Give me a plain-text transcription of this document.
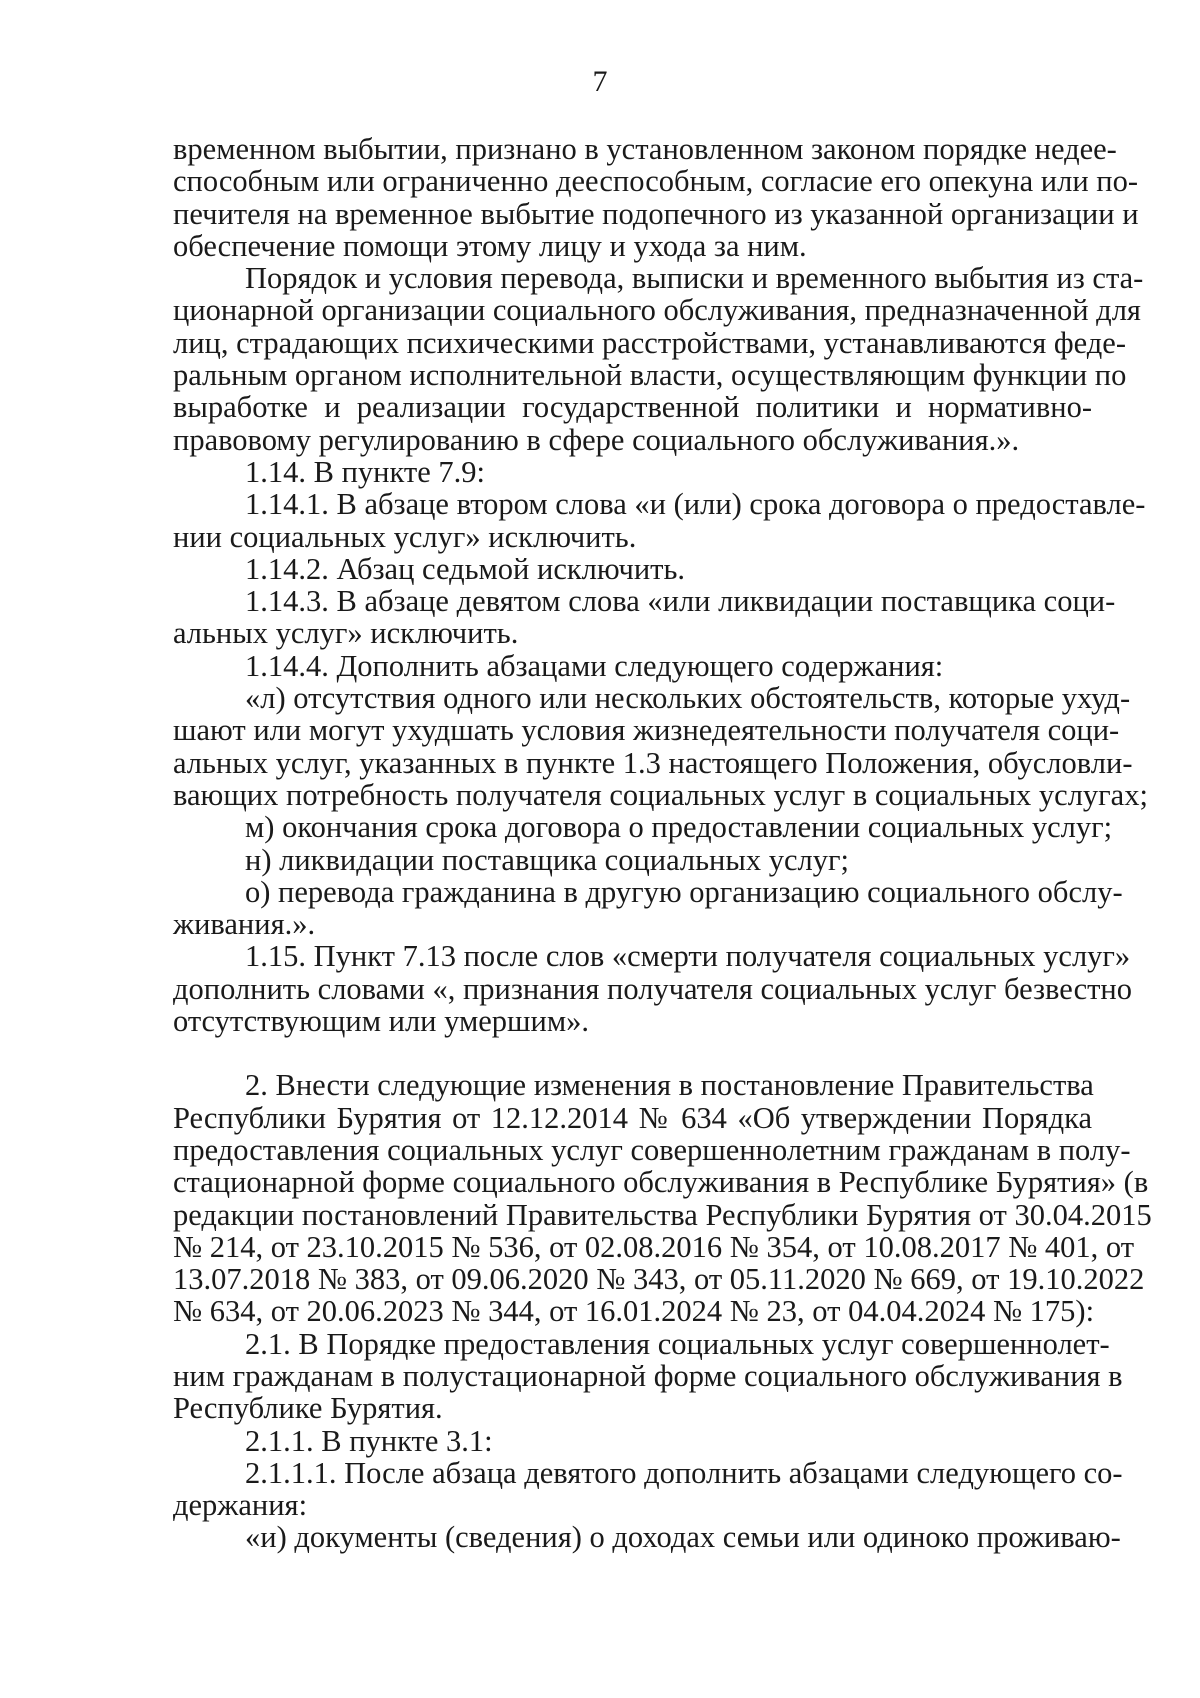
7
временном выбытии, признано в установленном законом порядке недее-
способным или ограниченно дееспособным, согласие его опекуна или по-
печителя на временное выбытие подопечного из указанной организации и
обеспечение помощи этому лицу и ухода за ним.
Порядок и условия перевода, выписки и временного выбытия из ста-
ционарной организации социального обслуживания, предназначенной для
лиц, страдающих психическими расстройствами, устанавливаются феде-
ральным органом исполнительной власти, осуществляющим функции по
выработке и реализации государственной политики и нормативно-
правовому регулированию в сфере социального обслуживания.».
1.14. В пункте 7.9:
1.14.1. В абзаце втором слова «и (или) срока договора о предоставле-
нии социальных услуг» исключить.
1.14.2. Абзац седьмой исключить.
1.14.3. В абзаце девятом слова «или ликвидации поставщика соци-
альных услуг» исключить.
1.14.4. Дополнить абзацами следующего содержания:
«л) отсутствия одного или нескольких обстоятельств, которые ухуд-
шают или могут ухудшать условия жизнедеятельности получателя соци-
альных услуг, указанных в пункте 1.3 настоящего Положения, обусловли-
вающих потребность получателя социальных услуг в социальных услугах;
м) окончания срока договора о предоставлении социальных услуг;
н) ликвидации поставщика социальных услуг;
о) перевода гражданина в другую организацию социального обслу-
живания.».
1.15. Пункт 7.13 после слов «смерти получателя социальных услуг»
дополнить словами «, признания получателя социальных услуг безвестно
отсутствующим или умершим».
2. Внести следующие изменения в постановление Правительства
Республики Бурятия от 12.12.2014 № 634 «Об утверждении Порядка
предоставления социальных услуг совершеннолетним гражданам в полу-
стационарной форме социального обслуживания в Республике Бурятия» (в
редакции постановлений Правительства Республики Бурятия от 30.04.2015
№ 214, от 23.10.2015 № 536, от 02.08.2016 № 354, от 10.08.2017 № 401, от
13.07.2018 № 383, от 09.06.2020 № 343, от 05.11.2020 № 669, от 19.10.2022
№ 634, от 20.06.2023 № 344, от 16.01.2024 № 23, от 04.04.2024 № 175):
2.1. В Порядке предоставления социальных услуг совершеннолет-
ним гражданам в полустационарной форме социального обслуживания в
Республике Бурятия.
2.1.1. В пункте 3.1:
2.1.1.1. После абзаца девятого дополнить абзацами следующего со-
держания:
«и) документы (сведения) о доходах семьи или одиноко проживаю-
